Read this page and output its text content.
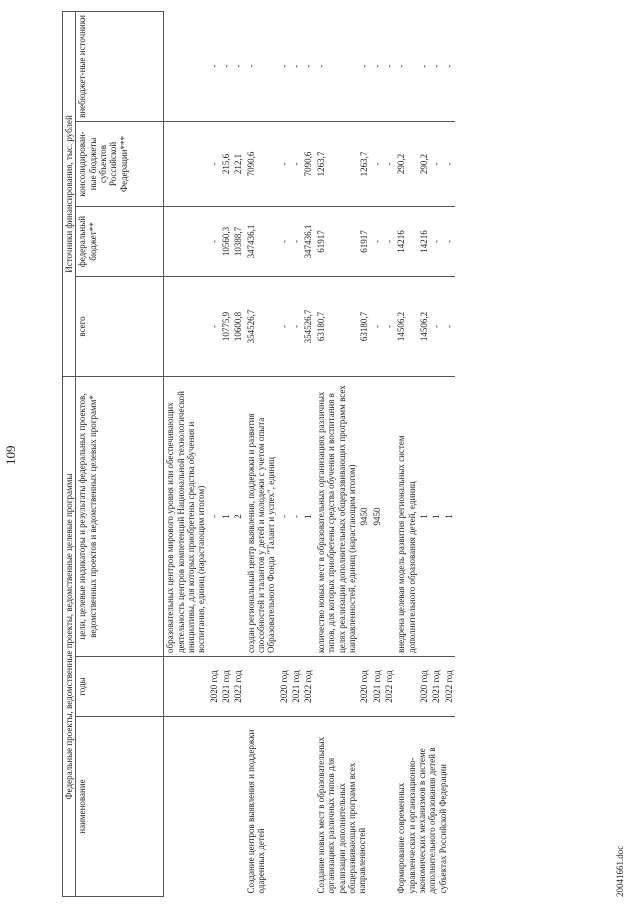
109
Федеральные проекты, ведомственные проекты, ведомственные целевые программы			Источники финансирования, тыс. рублей			
наименование	годы	цели, целевые индикаторы и результаты федеральных проектов, ведомственных проектов и ведомственных целевых программ*	всего	федеральный бюджет**	консолидирован-ные бюджеты субъектов Российской Федерации***	внебюджет-ные источники
		образовательных центров мирового уровня или обеспечивающих деятельность центров компетенций Национальной технологической инициативы, для которых приобретены средства обучения и воспитания, единиц (нарастающим итогом)				
	2020 год	-	-	-	-	-
	2021 год	1	10775,9	10560,3	215,6	-
	2022 год	2	10600,8	10388,7	212,1	-
Создание центров выявления и поддержки одаренных детей		создан региональный центр выявления, поддержки и развития способностей и талантов у детей и молодежи с учетом опыта Образовательного Фонда "Талант и успех", единиц	354526,7	347436,1	7090,6	-
	2020 год	-	-	-	-	-
	2021 год	-	-	-	-	-
	2022 год	1	354526,7	347436,1	7090,6	-
Создание новых мест в образовательных организациях различных типов для реализации дополнительных общеразвивающих программ всех направленностей		количество новых мест в образовательных организациях различных типов, для которых приобретены средства обучения и воспитания в целях реализации дополнительных общеразвивающих программ всех направленностей, единиц (нарастающим итогом)	63180,7	61917	1263,7	-
	2020 год	9450	63180,7	61917	1263,7	-
	2021 год	9450	-	-	-	-
	2022 год		-	-	-	-
Формирование современных управленческих и организационно-экономических механизмов в системе дополнительного образования детей в субъектах Российской Федерации		внедрена целевая модель развития региональных систем дополнительного образования детей, единиц	14506,2	14216	290,2	-
	2020 год	1	14506,2	14216	290,2	-
	2021 год	1	-	-	-	-
	2022 год	1	-	-	-	-
20041661.doc
